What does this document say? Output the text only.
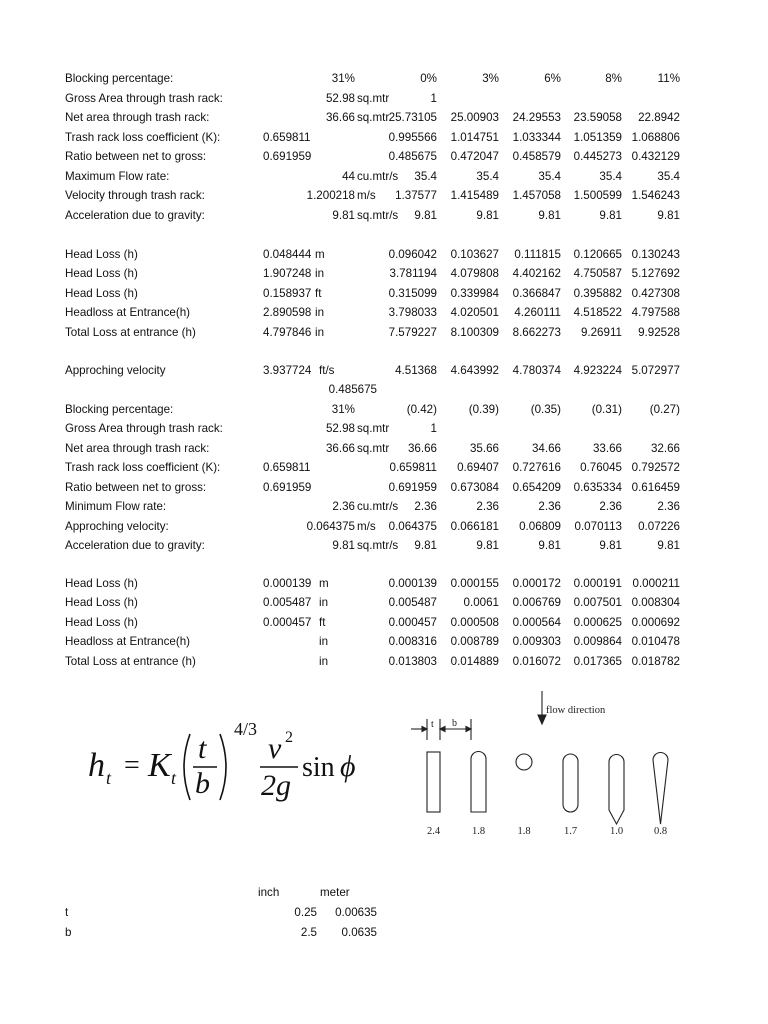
Blocking percentage:	31%	0%	3%	6%	8%	11%
Gross Area through trash rack:	52.98 sq.mtr	1
Net area through trash rack:	36.66 sq.mtr 25.73105	25.00903	24.29553	23.59058	22.8942
Trash rack loss coefficient (K):	0.659811	0.995566	1.014751	1.033344	1.051359 1.068806
Ratio between net to gross:	0.691959	0.485675	0.472047	0.458579	0.445273 0.432129
Maximum Flow rate:	44 cu.mtr/s	35.4	35.4	35.4	35.4	35.4
Velocity through trash rack:	1.200218 m/s	1.37577	1.415489	1.457058	1.500599 1.546243
Acceleration due to gravity:	9.81 sq.mtr/s	9.81	9.81	9.81	9.81	9.81
Head Loss (h)	0.048444 m	0.096042	0.103627	0.111815	0.120665 0.130243
Head Loss (h)	1.907248 in	3.781194	4.079808	4.402162	4.750587 5.127692
Head Loss (h)	0.158937 ft	0.315099	0.339984	0.366847	0.395882 0.427308
Headloss at Entrance(h)	2.890598 in	3.798033	4.020501	4.260111	4.518522 4.797588
Total Loss at entrance (h)	4.797846 in	7.579227	8.100309	8.662273	9.26911	9.92528
Approching velocity	3.937724 ft/s	4.51368	4.643992	4.780374	4.923224 5.072977
0.485675
Blocking percentage:	31%	(0.42)	(0.39)	(0.35)	(0.31)	(0.27)
Gross Area through trash rack:	52.98 sq.mtr	1
Net area through trash rack:	36.66 sq.mtr	36.66	35.66	34.66	33.66	32.66
Trash rack loss coefficient (K):	0.659811	0.659811	0.69407	0.727616	0.76045 0.792572
Ratio between net to gross:	0.691959	0.691959	0.673084	0.654209	0.635334 0.616459
Minimum Flow rate:	2.36 cu.mtr/s	2.36	2.36	2.36	2.36	2.36
Approching velocity:	0.064375 m/s	0.064375	0.066181	0.06809	0.070113	0.07226
Acceleration due to gravity:	9.81 sq.mtr/s	9.81	9.81	9.81	9.81	9.81
Head Loss (h)	0.000139 m	0.000139	0.000155	0.000172	0.000191 0.000211
Head Loss (h)	0.005487 in	0.005487	0.0061	0.006769	0.007501 0.008304
Head Loss (h)	0.000457 ft	0.000457	0.000508	0.000564	0.000625 0.000692
Headloss at Entrance(h)	in	0.008316	0.008789	0.009303	0.009864 0.010478
Total Loss at entrance (h)	in	0.013803	0.014889	0.016072	0.017365 0.018782
h t = K t
t
b
4/3
v 2
2g
sin ϕ
flow direction
t b
2.4	1.8	1.8	1.7	1.0	0.8
inch	meter
t	0.25	0.00635
b	2.5	0.0635
